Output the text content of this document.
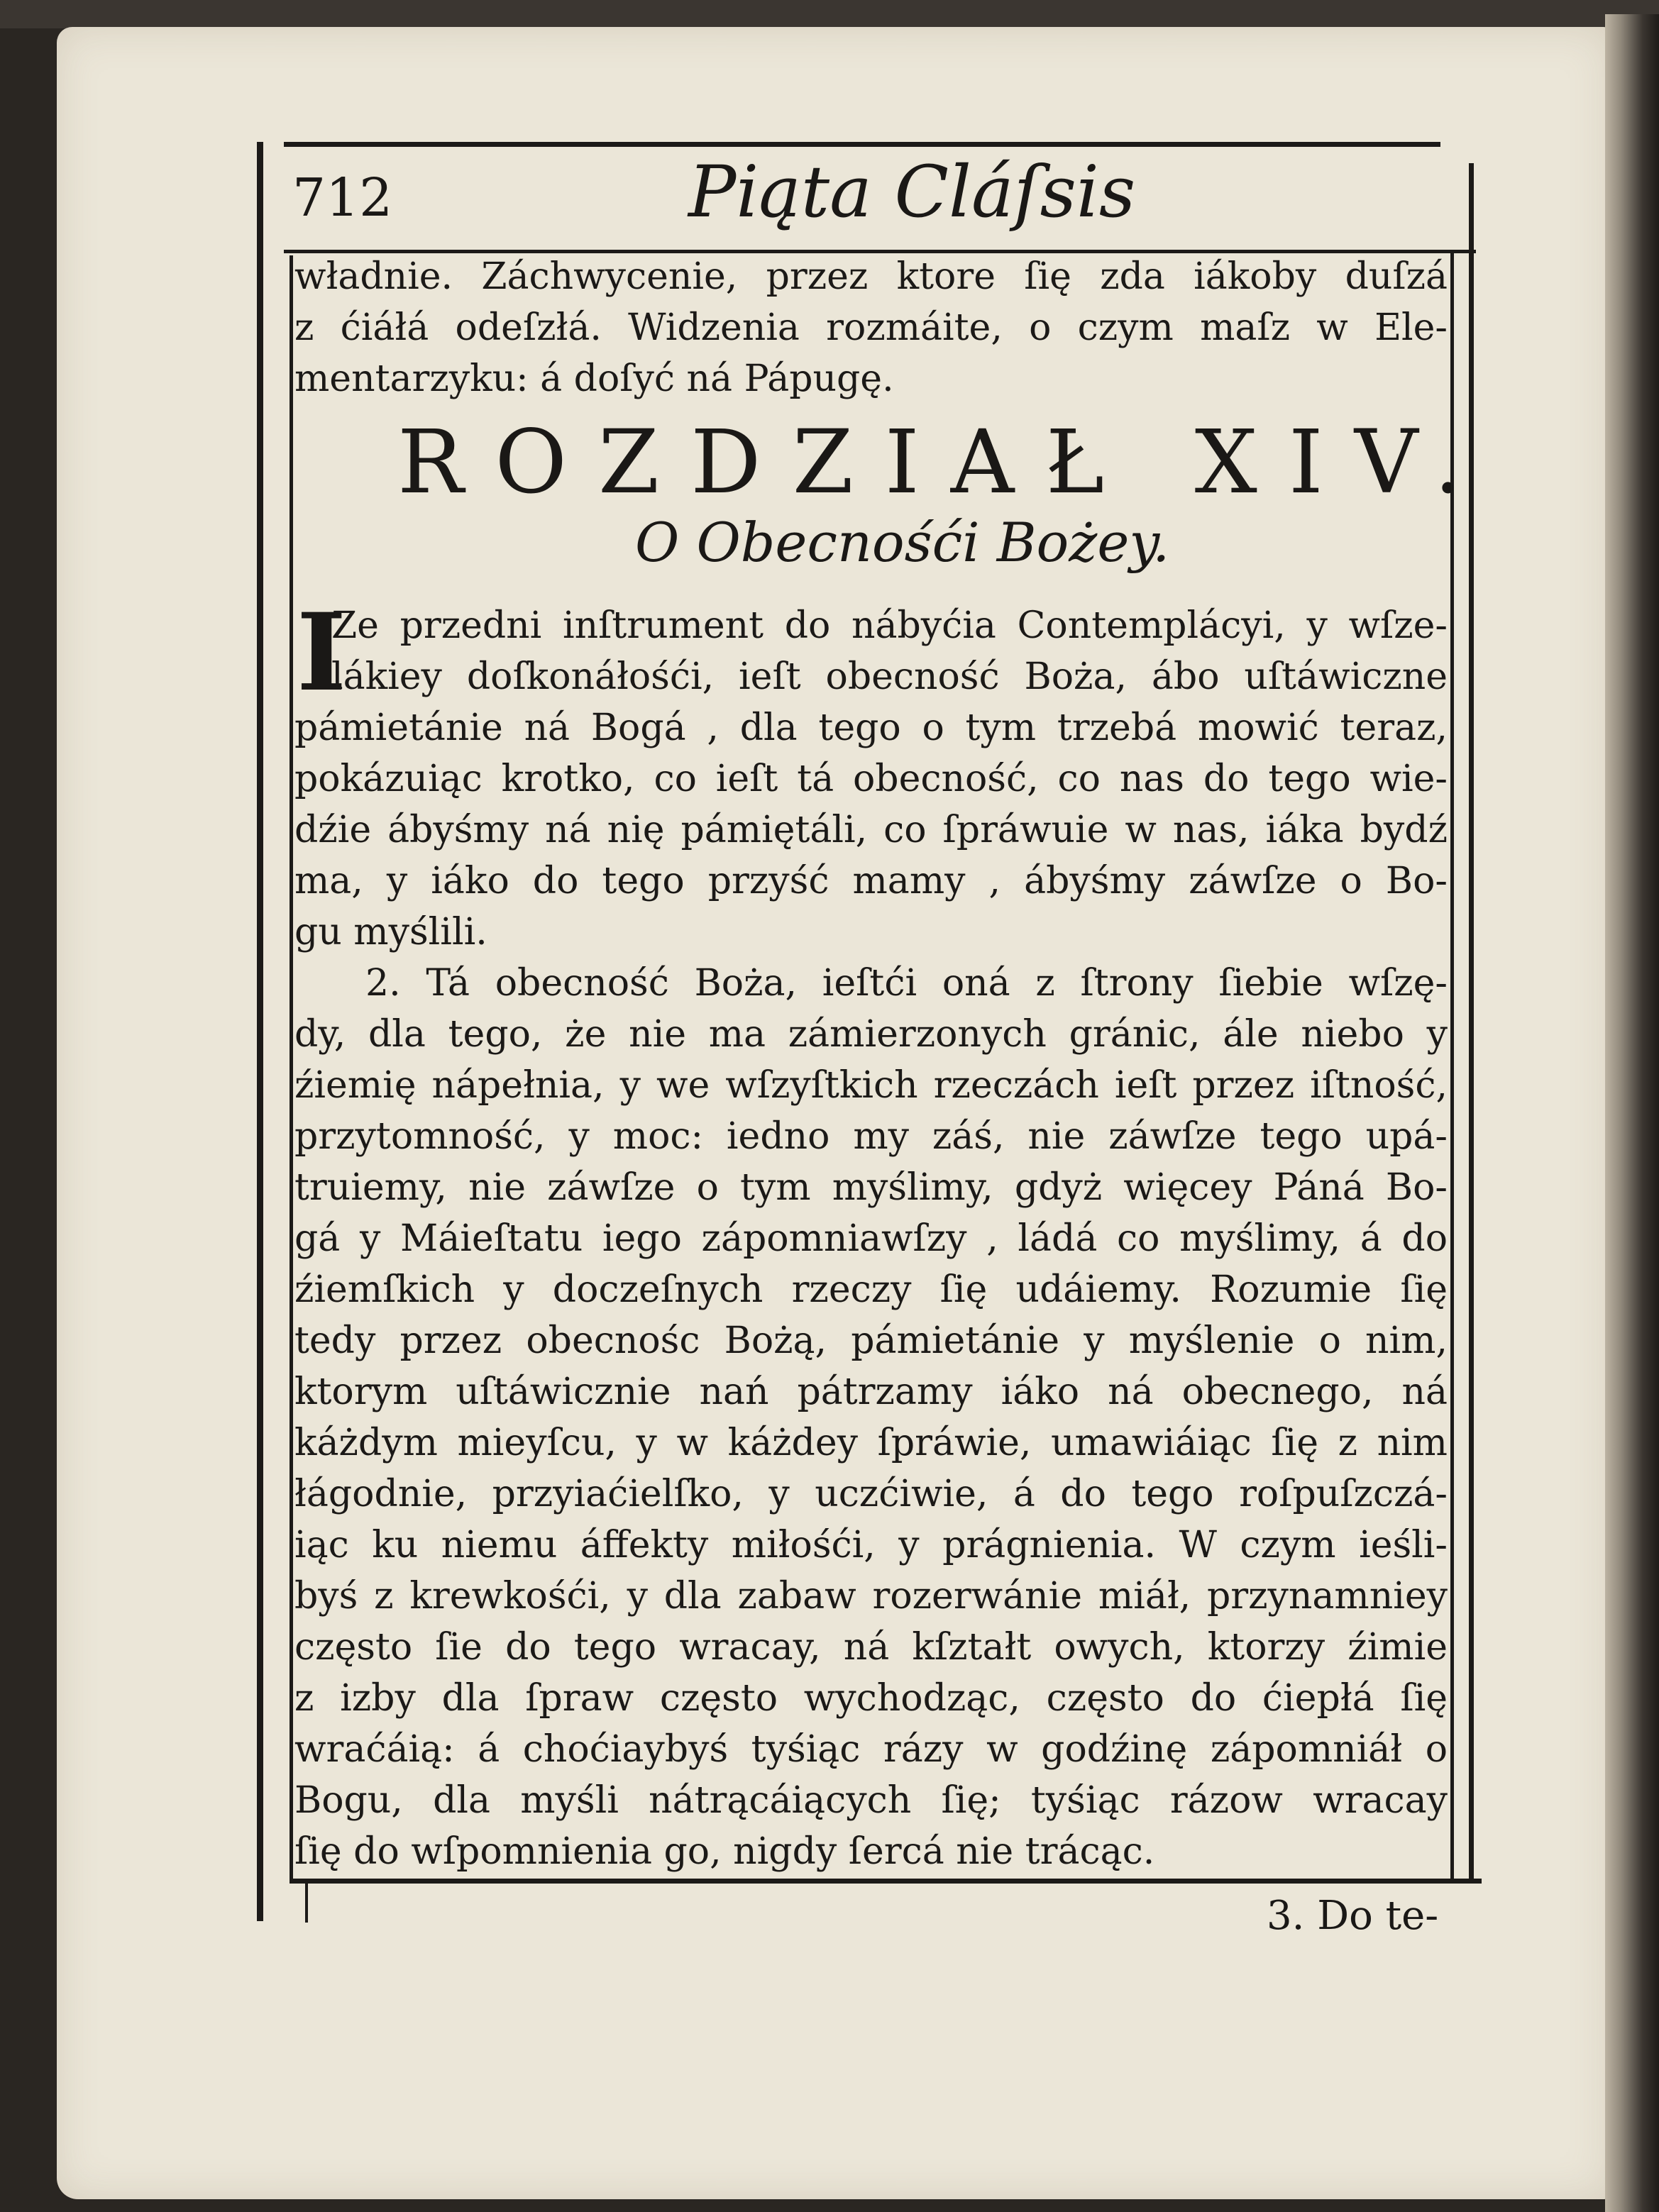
712	Piąta Cláſsis
władnie. Záchwycenie, przez ktore ſię zda iákoby duſzá
z ćiáłá odeſzłá. Widzenia rozmáite, o czym maſz w Ele-
mentarzyku: á doſyć ná Pápugę.
ROZDZIAŁ XIV.
O Obecnośći Bożey.
I
Ze przedni inſtrument do nábyćia Contemplácyi, y wſze-
lákiey doſkonáłośći, ieſt obecność Boża, ábo uſtáwiczne
pámietánie ná Bogá , dla tego o tym trzebá mowić teraz,
pokázuiąc krotko, co ieſt tá obecność, co nas do tego wie-
dźie ábyśmy ná nię pámiętáli, co ſpráwuie w nas, iáka bydź
ma, y iáko do tego przyść mamy , ábyśmy záwſze o Bo-
gu myślili.
2. Tá obecność Boża, ieſtći oná z ſtrony ſiebie wſzę-
dy, dla tego, że nie ma zámierzonych gránic, ále niebo y
źiemię nápełnia, y we wſzyſtkich rzeczách ieſt przez iſtność,
przytomność, y moc: iedno my záś, nie záwſze tego upá-
truiemy, nie záwſze o tym myślimy, gdyż więcey Páná Bo-
gá y Máieſtatu iego zápomniawſzy , ládá co myślimy, á do
źiemſkich y doczeſnych rzeczy ſię udáiemy. Rozumie ſię
tedy przez obecnośc Bożą, pámietánie y myślenie o nim,
ktorym uſtáwicznie nań pátrzamy iáko ná obecnego, ná
káżdym mieyſcu, y w káżdey ſpráwie, umawiáiąc ſię z nim
łágodnie, przyiaćielſko, y uczćiwie, á do tego roſpuſzczá-
iąc ku niemu áffekty miłośći, y prágnienia. W czym ieśli-
byś z krewkośći, y dla zabaw rozerwánie miáł, przynamniey
często ſie do tego wracay, ná kſztałt owych, ktorzy źimie
z izby dla ſpraw często wychodząc, często do ćiepłá ſię
wraćáią: á choćiaybyś tyśiąc rázy w godźinę zápomniáł o
Bogu, dla myśli nátrącáiących ſię; tyśiąc rázow wracay
ſię do wſpomnienia go, nigdy ſercá nie trácąc.
3. Do te-
